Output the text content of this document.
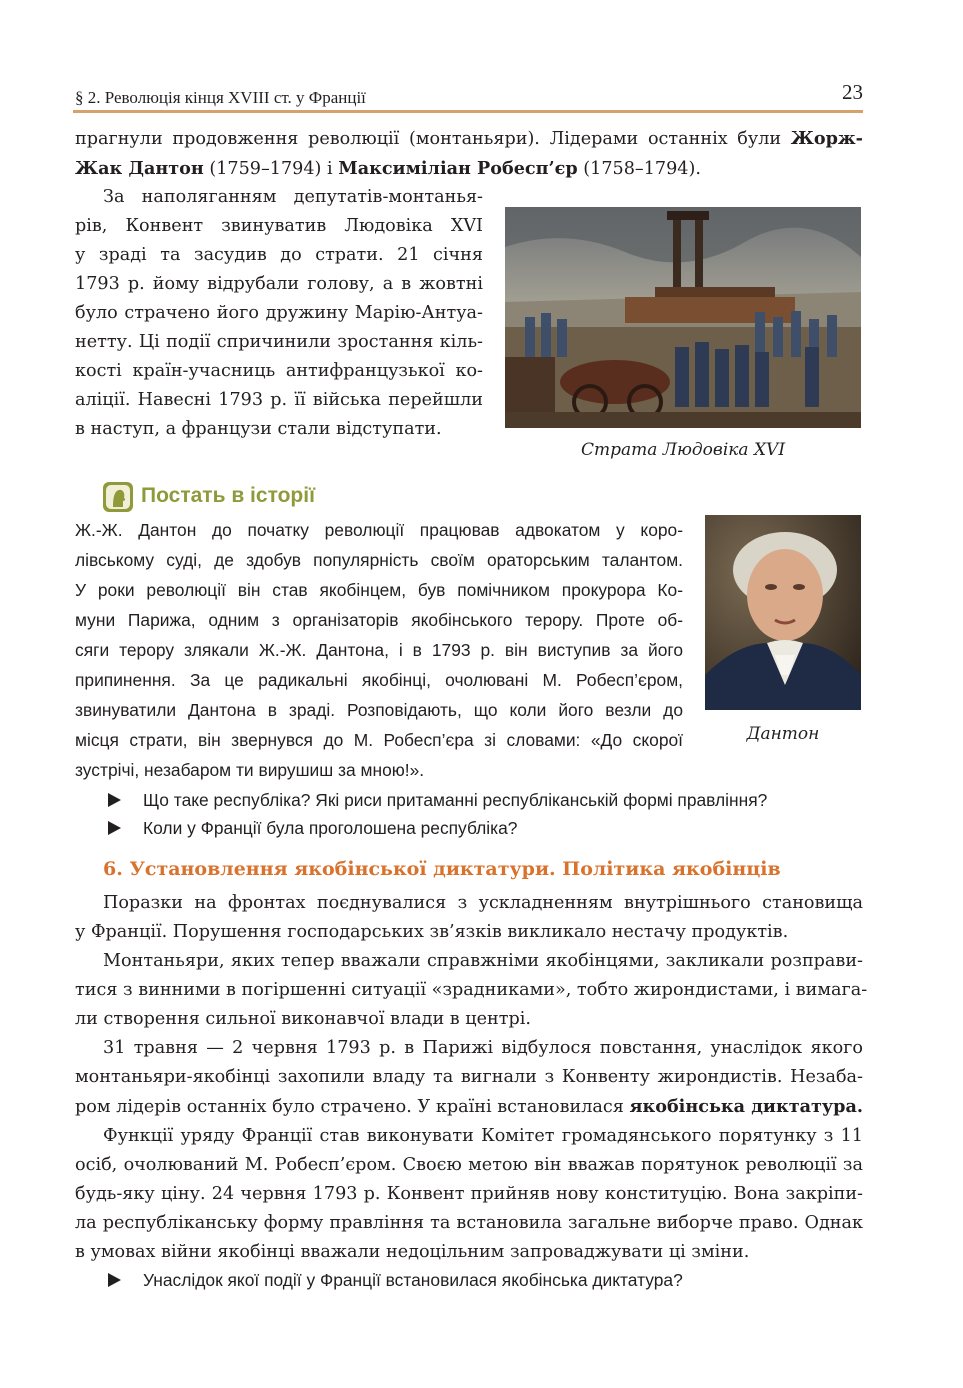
§ 2. Революція кінця XVIII ст. у Франції	23
прагнули продовження революції (монтаньяри). Лідерами останніх були Жорж-
Жак Дантон (1759–1794) і Максиміліан Робесп’єр (1758–1794).
За наполяганням депутатів-монтанья-
рів, Конвент звинуватив Людовіка XVI
у зраді та засудив до страти. 21 січня
1793 р. йому відрубали голову, а в жовтні
було страчено його дружину Марію-Антуа-
нетту. Ці події спричинили зростання кіль-
кості країн-учасниць антифранцузької ко-
аліції. Навесні 1793 р. її війська перейшли
в наступ, а французи стали відступати.
Страта Людовіка XVI
Постать в історії
Ж.-Ж. Дантон до початку революції працював адвокатом у коро-
лівському суді, де здобув популярність своїм ораторським талантом.
У роки революції він став якобінцем, був помічником прокурора Ко-
муни Парижа, одним з організаторів якобінського терору. Проте об-
сяги терору злякали Ж.-Ж. Дантона, і в 1793 р. він виступив за його
припинення. За це радикальні якобінці, очолювані М. Робесп’єром,
звинуватили Дантона в зраді. Розповідають, що коли його везли до
місця страти, він звернувся до М. Робесп’єра зі словами: «До скорої
зустрічі, незабаром ти вирушиш за мною!».
Дантон
Що таке республіка? Які риси притаманні республіканській формі правління?
Коли у Франції була проголошена республіка?
6. Установлення якобінської диктатури. Політика якобінців
Поразки на фронтах поєднувалися з ускладненням внутрішнього становища
у Франції. Порушення господарських зв’язків викликало нестачу продуктів.
Монтаньяри, яких тепер вважали справжніми якобінцями, закликали розправи-
тися з винними в погіршенні ситуації «зрадниками», тобто жирондистами, і вимага-
ли створення сильної виконавчої влади в центрі.
31 травня — 2 червня 1793 р. в Парижі відбулося повстання, унаслідок якого
монтаньяри-якобінці захопили владу та вигнали з Конвенту жирондистів. Незаба-
ром лідерів останніх було страчено. У країні встановилася якобінська диктатура.
Функції уряду Франції став виконувати Комітет громадянського порятунку з 11
осіб, очолюваний М. Робесп’єром. Своєю метою він вважав порятунок революції за
будь-яку ціну. 24 червня 1793 р. Конвент прийняв нову конституцію. Вона закріпи-
ла республіканську форму правління та встановила загальне виборче право. Однак
в умовах війни якобінці вважали недоцільним запроваджувати ці зміни.
Унаслідок якої події у Франції встановилася якобінська диктатура?
